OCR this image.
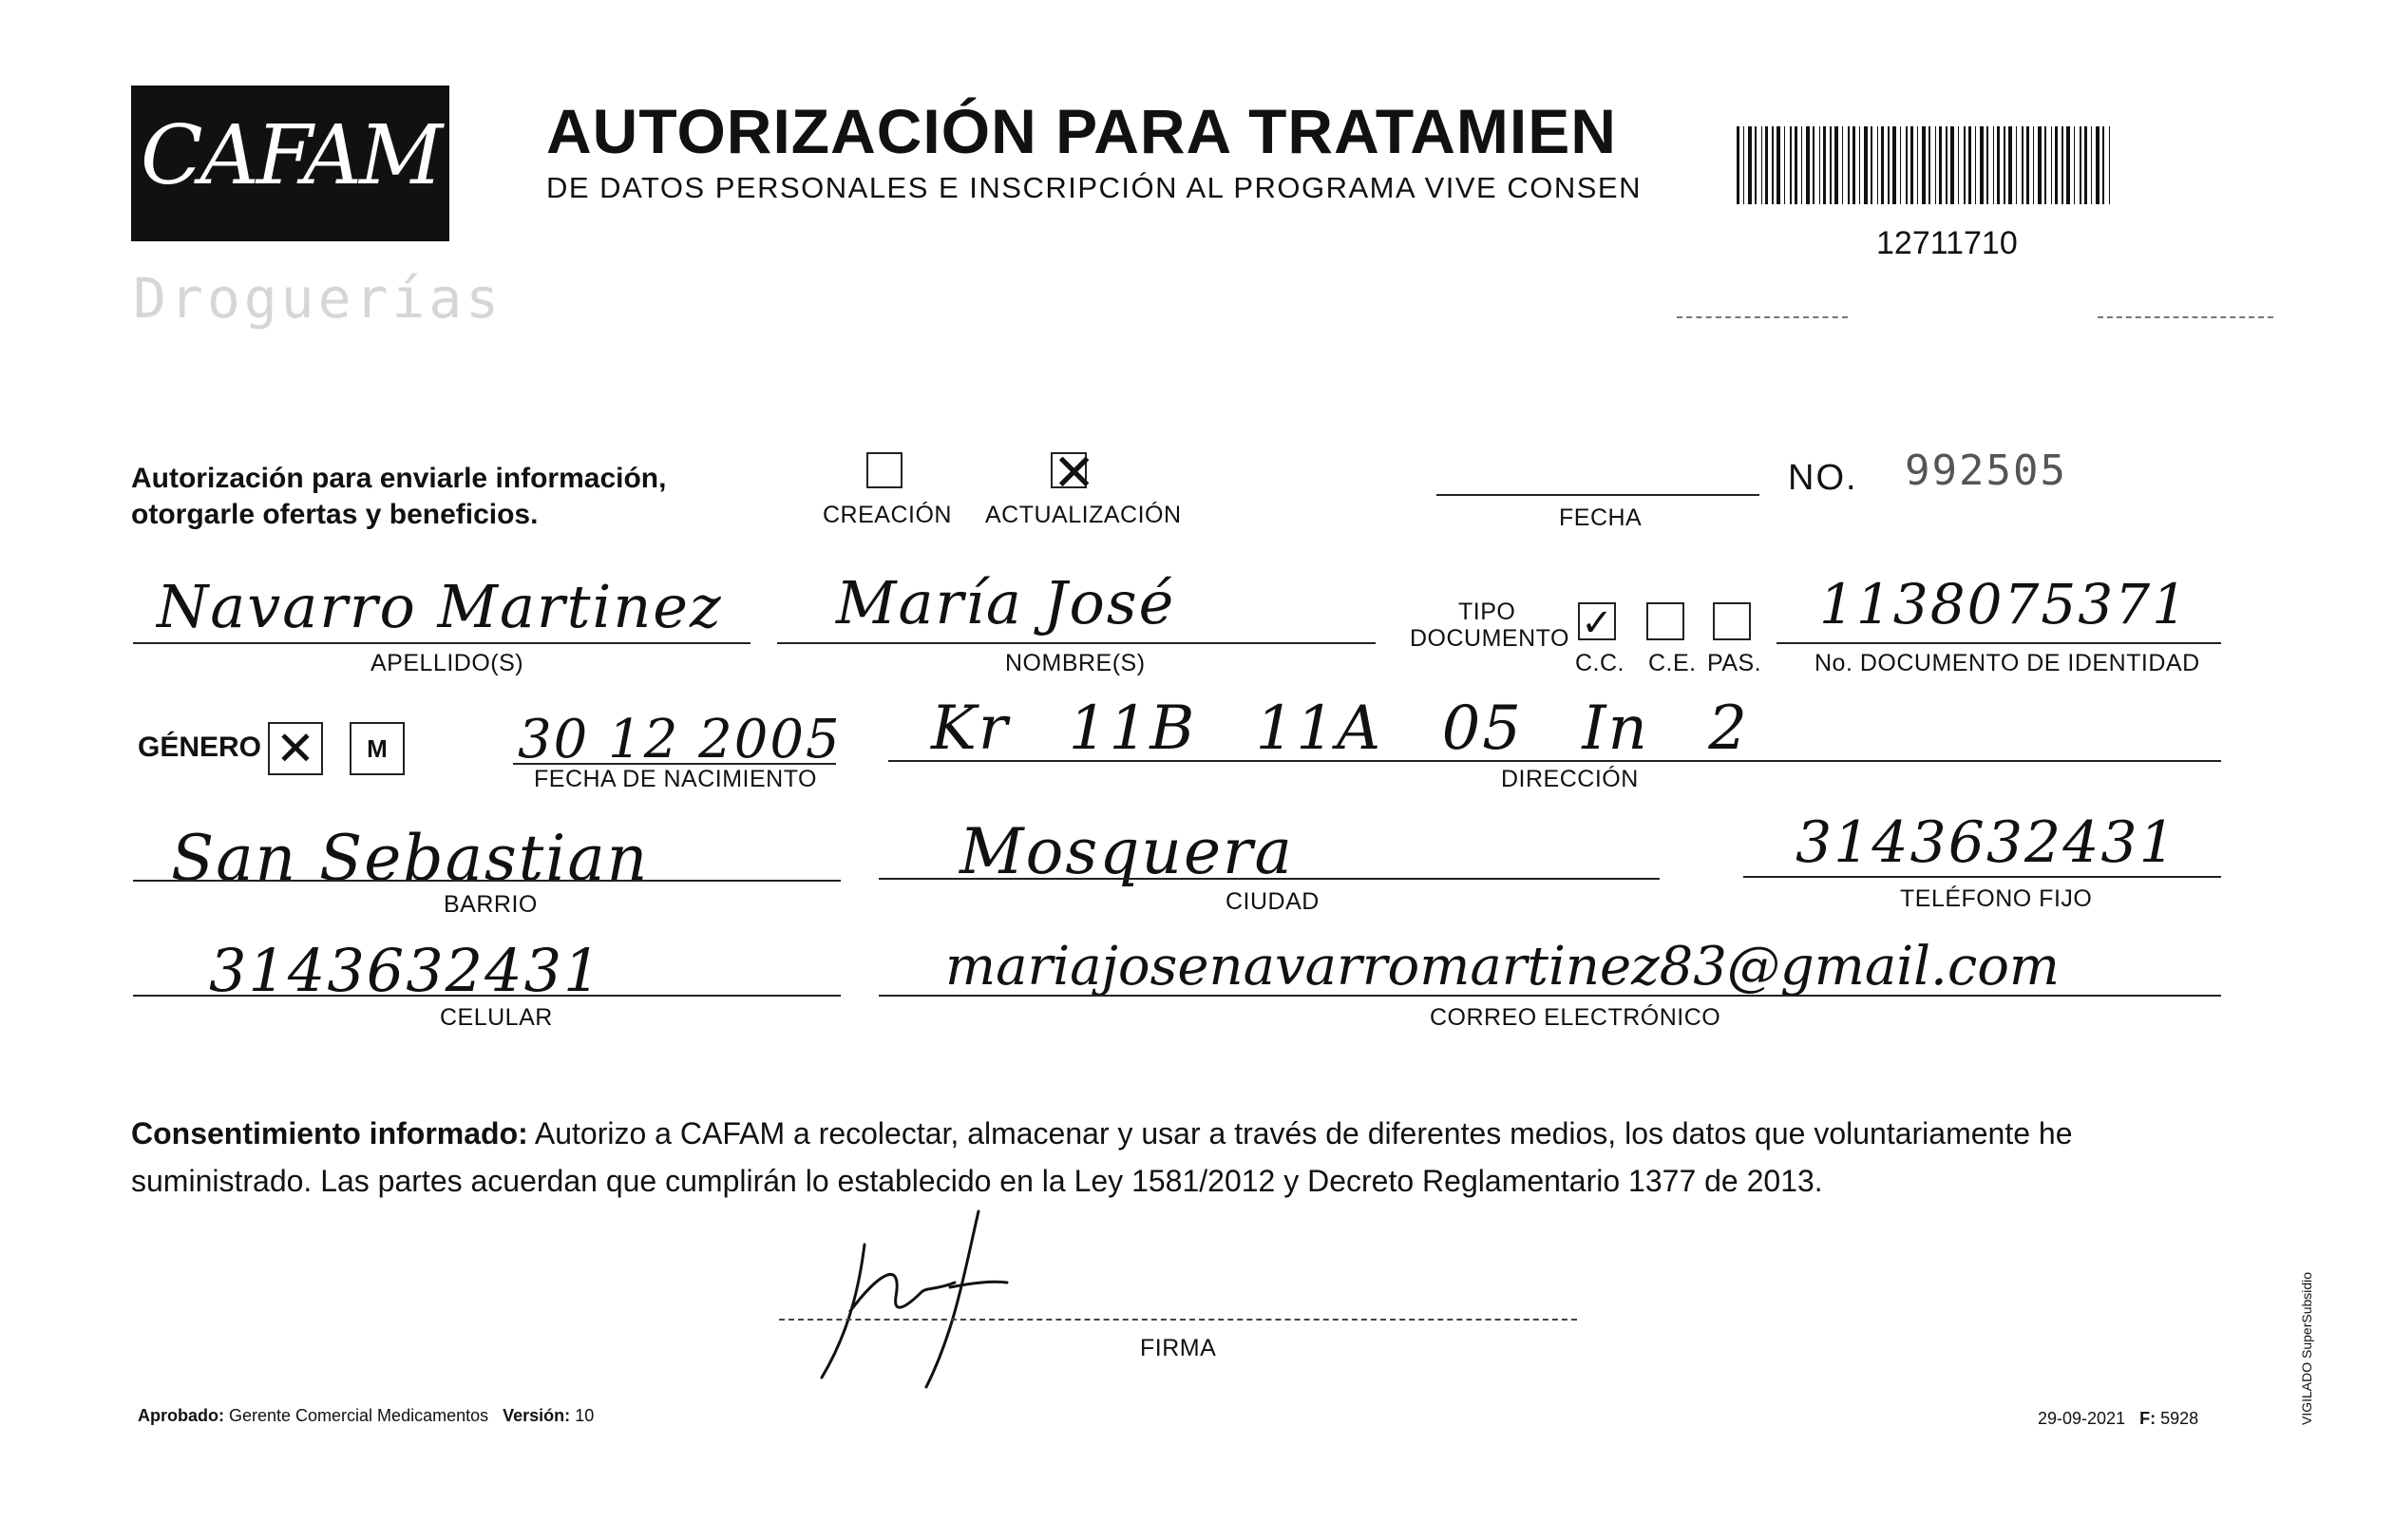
CAFAM
Droguerías
AUTORIZACIÓN PARA TRATAMIEN
DE DATOS PERSONALES E INSCRIPCIÓN AL PROGRAMA VIVE CONSEN
12711710
Autorización para enviarle información,
otorgarle ofertas y beneficios.	CREACIÓN
✕
ACTUALIZACIÓN	FECHA
NO. 992505
Navarro Martinez
APELLIDO(S)
María José
NOMBRE(S)
TIPO
DOCUMENTO ✓
C.C. C.E. PAS.
1138075371
No. DOCUMENTO DE IDENTIDAD
GÉNERO ✕	M 30 12 2005
FECHA DE NACIMIENTO
Kr 11B 11A 05 In 2
DIRECCIÓN
San Sebastian
BARRIO
Mosquera
CIUDAD
3143632431
TELÉFONO FIJO
3143632431
CELULAR
mariajosenavarromartinez83@gmail.com
CORREO ELECTRÓNICO
Consentimiento informado: Autorizo a CAFAM a recolectar, almacenar y usar a través de diferentes medios, los datos que voluntariamente he suministrado. Las partes acuerdan que cumplirán lo establecido en la Ley 1581/2012 y Decreto Reglamentario 1377 de 2013.
FIRMA
Aprobado: Gerente Comercial Medicamentos Versión: 10	29-09-2021 F: 5928	VIGILADO SuperSubsidio
